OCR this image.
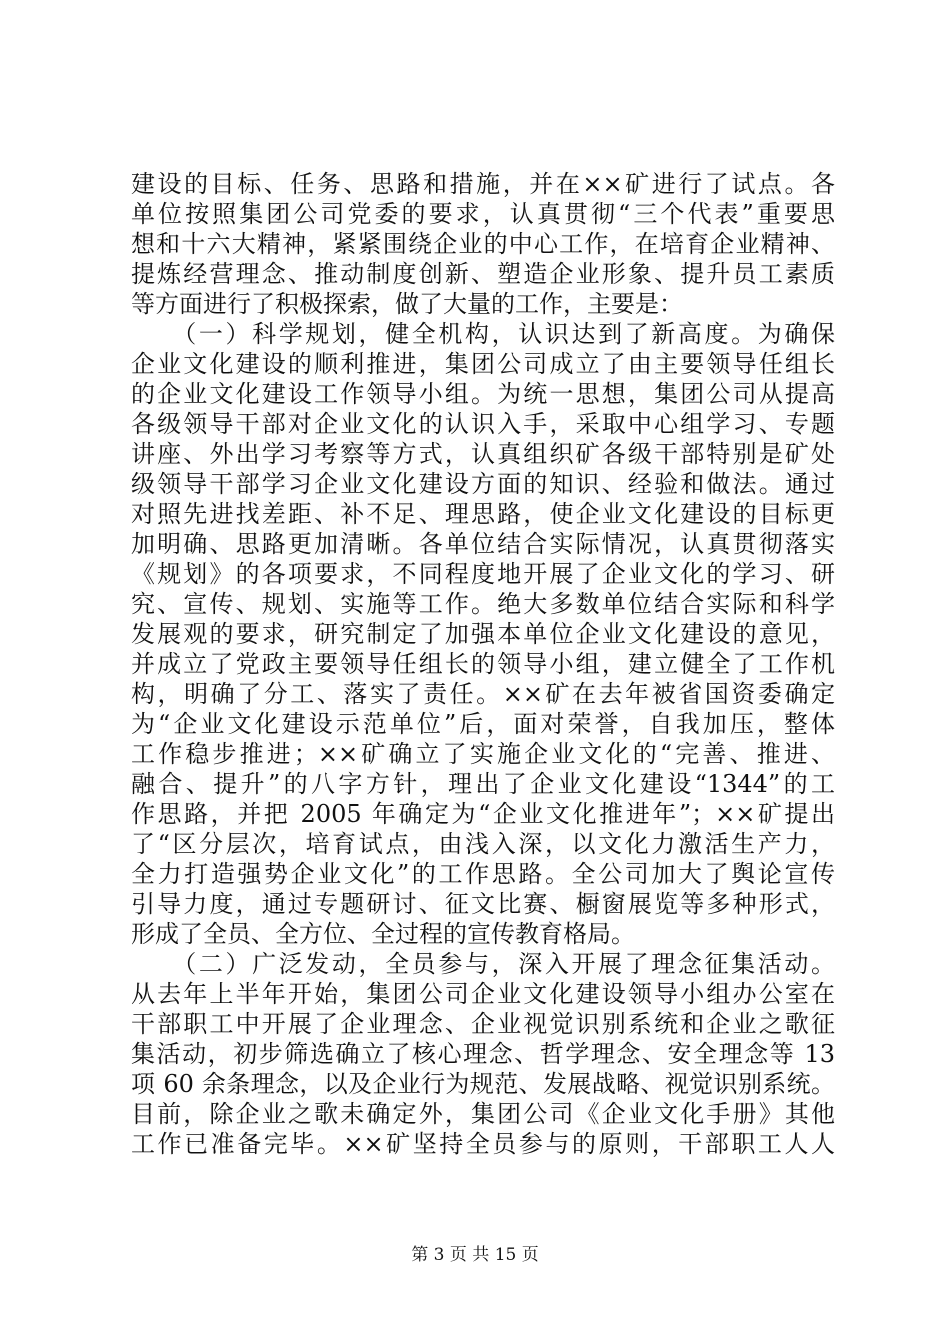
建设的目标、任务、思路和措施，并在××矿进行了试点。各
单位按照集团公司党委的要求，认真贯彻“三个代表”重要思
想和十六大精神，紧紧围绕企业的中心工作，在培育企业精神、
提炼经营理念、推动制度创新、塑造企业形象、提升员工素质
等方面进行了积极探索，做了大量的工作，主要是：
　　（一）科学规划，健全机构，认识达到了新高度。为确保
企业文化建设的顺利推进，集团公司成立了由主要领导任组长
的企业文化建设工作领导小组。为统一思想，集团公司从提高
各级领导干部对企业文化的认识入手，采取中心组学习、专题
讲座、外出学习考察等方式，认真组织矿各级干部特别是矿处
级领导干部学习企业文化建设方面的知识、经验和做法。通过
对照先进找差距、补不足、理思路，使企业文化建设的目标更
加明确、思路更加清晰。各单位结合实际情况，认真贯彻落实
《规划》的各项要求，不同程度地开展了企业文化的学习、研
究、宣传、规划、实施等工作。绝大多数单位结合实际和科学
发展观的要求，研究制定了加强本单位企业文化建设的意见，
并成立了党政主要领导任组长的领导小组，建立健全了工作机
构，明确了分工、落实了责任。××矿在去年被省国资委确定
为“企业文化建设示范单位”后，面对荣誉，自我加压，整体
工作稳步推进；××矿确立了实施企业文化的“完善、推进、
融合、提升”的八字方针，理出了企业文化建设“1344”的工
作思路，并把 2005 年确定为“企业文化推进年”；××矿提出
了“区分层次，培育试点，由浅入深，以文化力激活生产力，
全力打造强势企业文化”的工作思路。全公司加大了舆论宣传
引导力度，通过专题研讨、征文比赛、橱窗展览等多种形式，
形成了全员、全方位、全过程的宣传教育格局。
　　（二）广泛发动，全员参与，深入开展了理念征集活动。
从去年上半年开始，集团公司企业文化建设领导小组办公室在
干部职工中开展了企业理念、企业视觉识别系统和企业之歌征
集活动，初步筛选确立了核心理念、哲学理念、安全理念等 13
项 60 余条理念，以及企业行为规范、发展战略、视觉识别系统。
目前，除企业之歌未确定外，集团公司《企业文化手册》其他
工作已准备完毕。××矿坚持全员参与的原则，干部职工人人
第 3 页 共 15 页
